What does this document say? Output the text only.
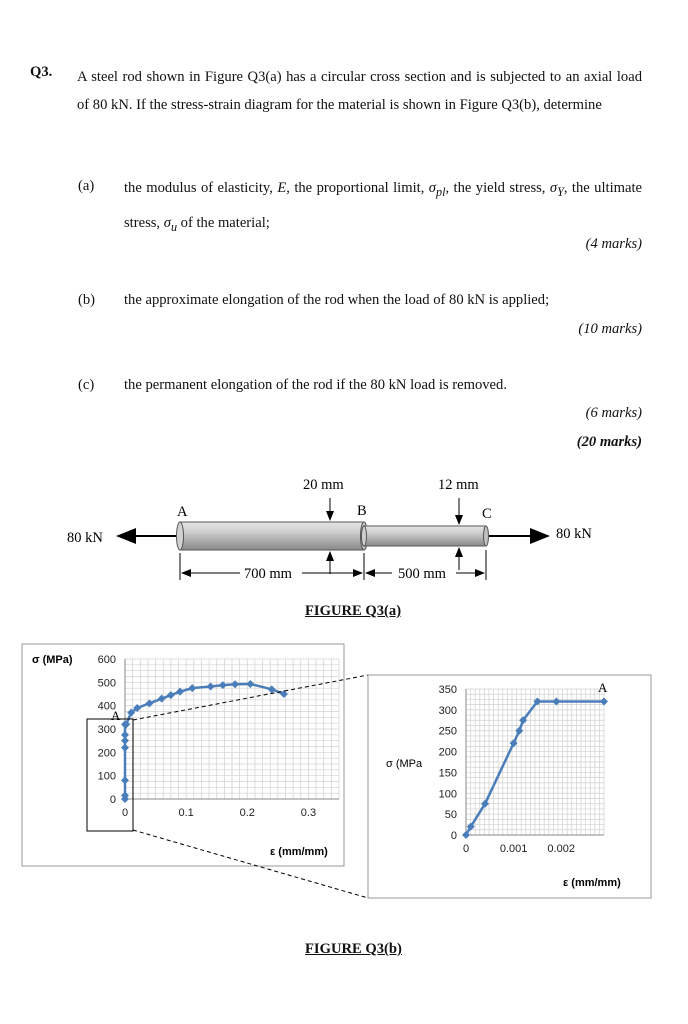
Q3. A steel rod shown in Figure Q3(a) has a circular cross section and is subjected to an axial load of 80 kN. If the stress-strain diagram for the material is shown in Figure Q3(b), determine
(a) the modulus of elasticity, E, the proportional limit, $\sigma_{pl}$, the yield stress, $\sigma_Y$, the ultimate stress, $\sigma_u$ of the material;
(4 marks)
(b) the approximate elongation of the rod when the load of 80 kN is applied;
(10 marks)
(c) the permanent elongation of the rod if the 80 kN load is removed.
(6 marks)
(20 marks)
80 kN	80 kN
A	B	C
20 mm	12 mm
700 mm	500 mm
FIGURE Q3(a)
0
100
200
300
400
500
600
0	0.1	0.2	0.3
σ (MPa)
ε (mm/mm)
A
0
50
100
150
200
250
300
350
0	0.001 0.002
σ (MPa
ε (mm/mm)
A
FIGURE Q3(b)
